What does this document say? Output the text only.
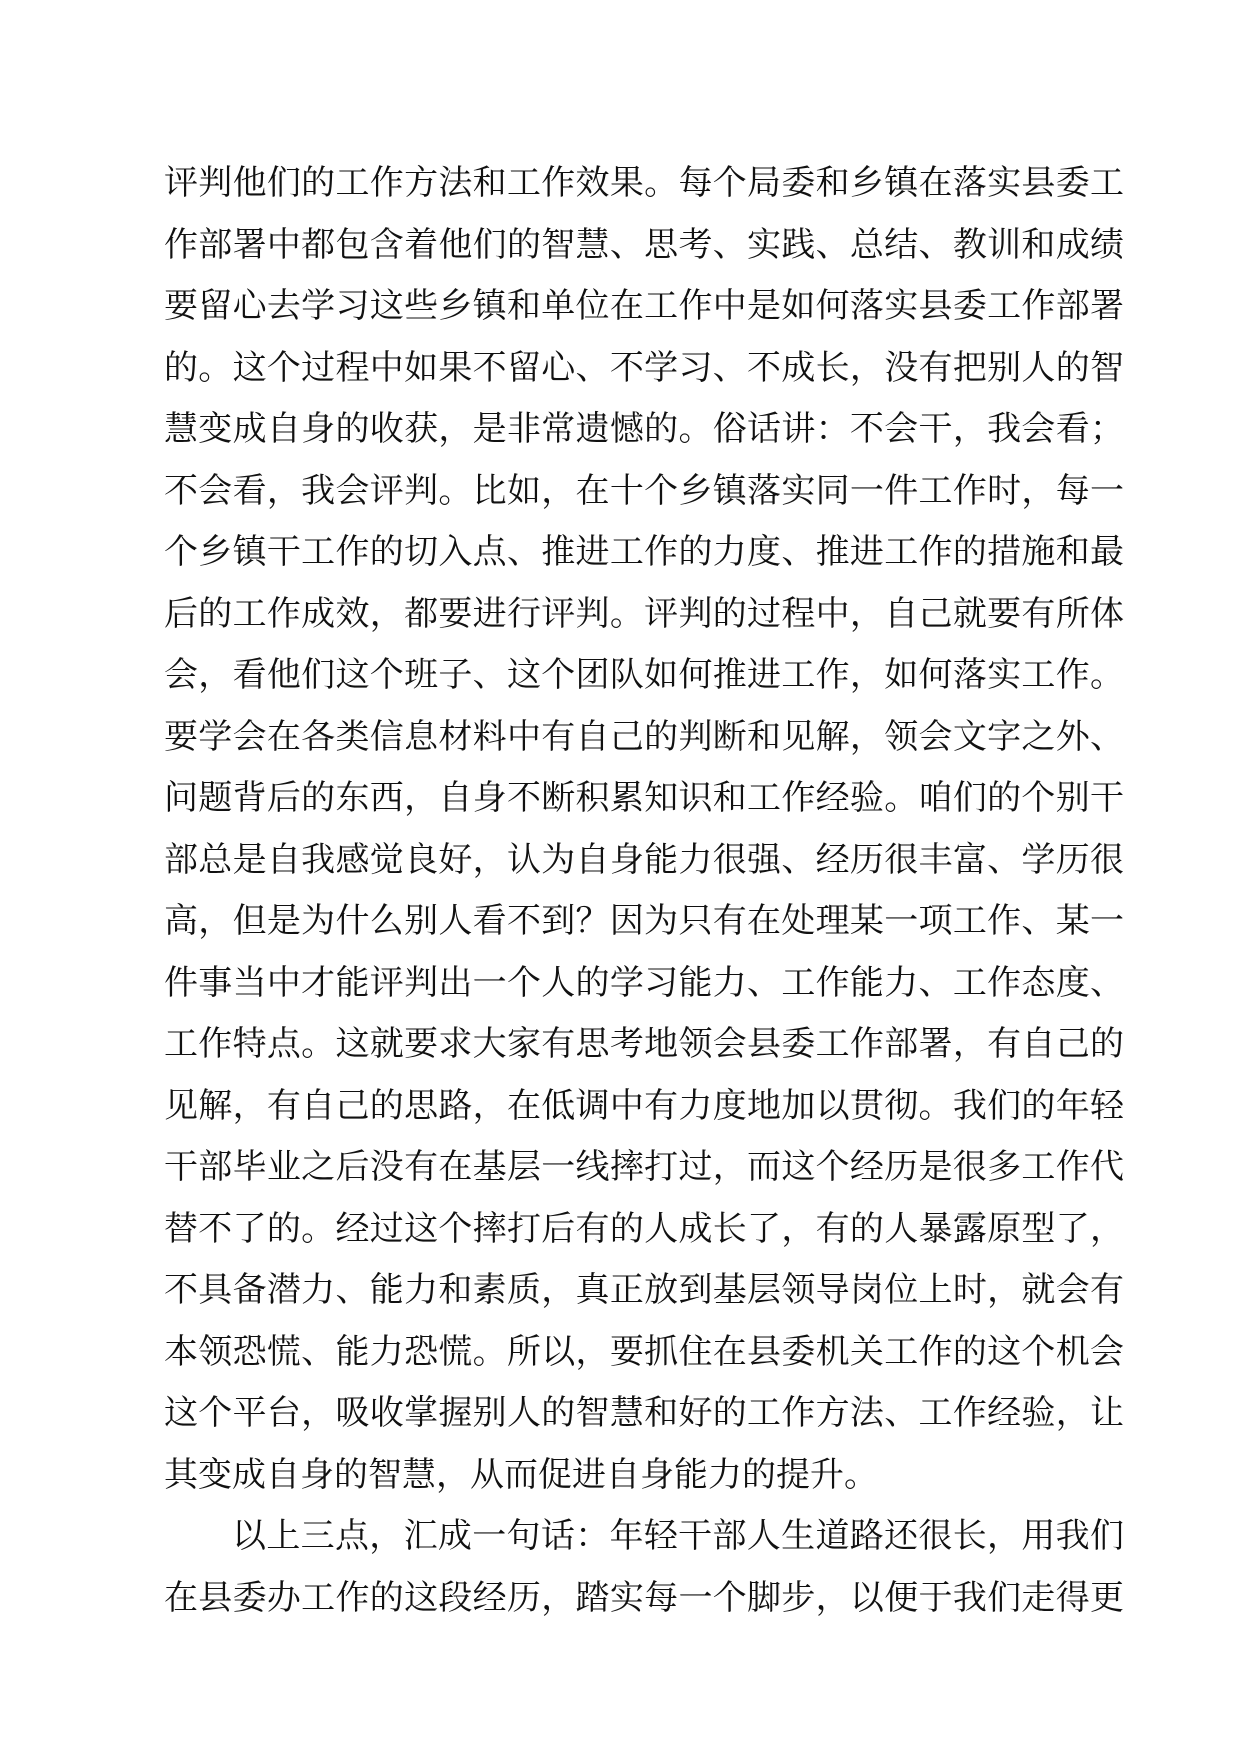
评判他们的工作方法和工作效果。每个局委和乡镇在落实县委工
作部署中都包含着他们的智慧、思考、实践、总结、教训和成绩
要留心去学习这些乡镇和单位在工作中是如何落实县委工作部署
的。这个过程中如果不留心、不学习、不成长，没有把别人的智
慧变成自身的收获，是非常遗憾的。俗话讲：不会干，我会看；
不会看，我会评判。比如，在十个乡镇落实同一件工作时，每一
个乡镇干工作的切入点、推进工作的力度、推进工作的措施和最
后的工作成效，都要进行评判。评判的过程中，自己就要有所体
会，看他们这个班子、这个团队如何推进工作，如何落实工作。
要学会在各类信息材料中有自己的判断和见解，领会文字之外、
问题背后的东西，自身不断积累知识和工作经验。咱们的个别干
部总是自我感觉良好，认为自身能力很强、经历很丰富、学历很
高，但是为什么别人看不到？因为只有在处理某一项工作、某一
件事当中才能评判出一个人的学习能力、工作能力、工作态度、
工作特点。这就要求大家有思考地领会县委工作部署，有自己的
见解，有自己的思路，在低调中有力度地加以贯彻。我们的年轻
干部毕业之后没有在基层一线摔打过，而这个经历是很多工作代
替不了的。经过这个摔打后有的人成长了，有的人暴露原型了，
不具备潜力、能力和素质，真正放到基层领导岗位上时，就会有
本领恐慌、能力恐慌。所以，要抓住在县委机关工作的这个机会
这个平台，吸收掌握别人的智慧和好的工作方法、工作经验，让
其变成自身的智慧，从而促进自身能力的提升。
以上三点，汇成一句话：年轻干部人生道路还很长，用我们
在县委办工作的这段经历，踏实每一个脚步，以便于我们走得更
